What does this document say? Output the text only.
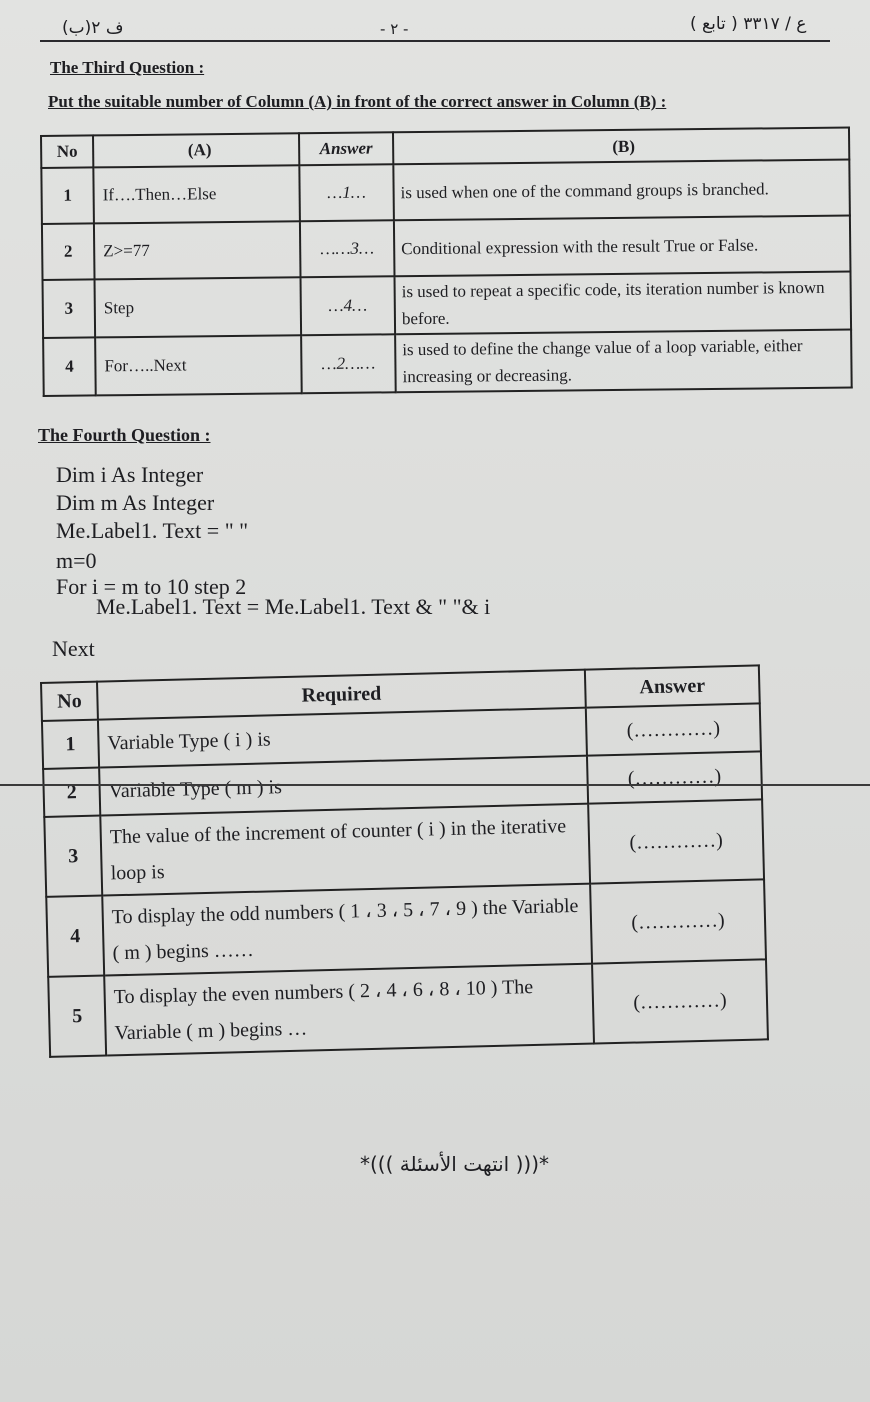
ف ٢(ب)	- ٢ -	( تابع ) ع / ٣٣١٧
The Third Question :
Put the suitable number of Column (A) in front of the correct answer in Column (B) :
No	(A)	Answer	(B)
1	If….Then…Else	…1…	is used when one of the command groups is branched.
2	Z>=77	……3…	Conditional expression with the result True or False.
3	Step	…4…	is used to repeat a specific code, its iteration number is known before.
4	For…..Next	…2……	is used to define the change value of a loop variable, either increasing or decreasing.
The Fourth Question :
Dim i As Integer
Dim m As Integer
Me.Label1. Text = " "
m=0
For i = m to 10 step 2
Me.Label1. Text = Me.Label1. Text & " "& i
Next
No	Required	Answer
1	Variable Type ( i ) is	(…………)
2	Variable Type ( m ) is	(…………)
3	The value of the increment of counter ( i ) in the iterative loop is	(…………)
4	To display the odd numbers ( 1 ، 3 ، 5 ، 7 ، 9 ) the Variable ( m ) begins ……	(…………)
5	To display the even numbers ( 2 ، 4 ، 6 ، 8 ، 10 ) The Variable ( m ) begins …	(…………)
*((( انتهت الأسئلة )))*
